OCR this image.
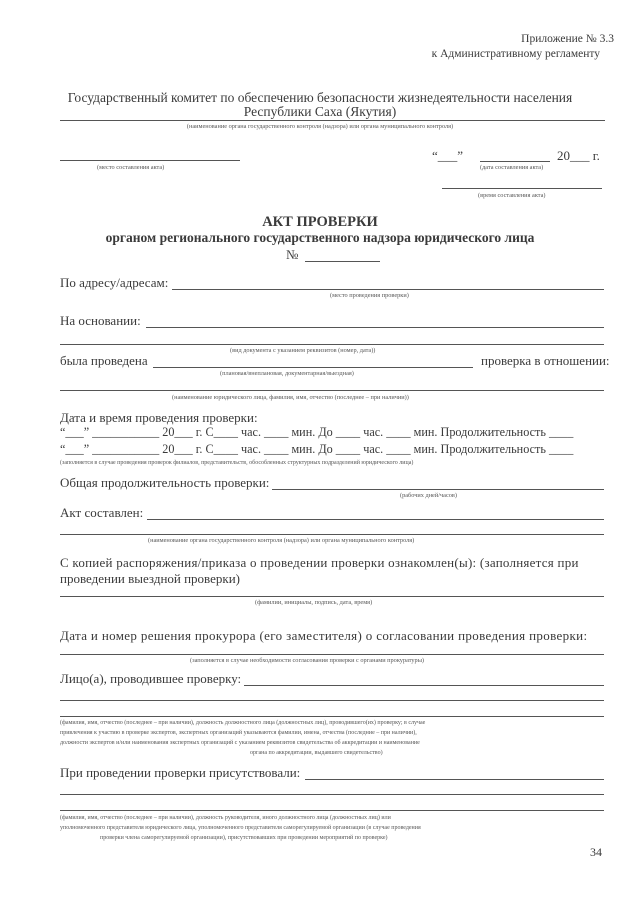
Приложение № 3.3
к Административному регламенту
Государственный комитет по обеспечению безопасности жизнедеятельности населения
Республики Саха (Якутия)
(наименование органа государственного контроля (надзора) или органа муниципального контроля)
(место составления акта)
“___”	20___ г.
(дата составления акта)
(время составления акта)
АКТ ПРОВЕРКИ
органом регионального государственного надзора юридического лица
№
По адресу/адресам:
(место проведения проверки)
На основании:
(вид документа с указанием реквизитов (номер, дата))
была проведена	проверка в отношении:
(плановая/внеплановая, документарная/выездная)
(наименование юридического лица, фамилия, имя, отчество (последнее – при наличии))
Дата и время проведения проверки:
“___” ___________ 20___ г. С____ час. ____ мин. До ____ час. ____ мин. Продолжительность ____
“___” ___________ 20___ г. С____ час. ____ мин. До ____ час. ____ мин. Продолжительность ____
(заполняется в случае проведения проверок филиалов, представительств, обособленных структурных подразделений юридического лица)
Общая продолжительность проверки:
(рабочих дней/часов)
Акт составлен:
(наименование органа государственного контроля (надзора) или органа муниципального контроля)
С копией распоряжения/приказа о проведении проверки ознакомлен(ы): (заполняется при
проведении выездной проверки)
(фамилии, инициалы, подпись, дата, время)
Дата и номер решения прокурора (его заместителя) о согласовании проведения проверки:
(заполняется в случае необходимости согласования проверки с органами прокуратуры)
Лицо(а), проводившее проверку:
(фамилия, имя, отчество (последнее – при наличии), должность должностного лица (должностных лиц), проводившего(их) проверку; в случае
привлечения к участию в проверке экспертов, экспертных организаций указываются фамилии, имена, отчества (последние – при наличии),
должности экспертов и/или наименования экспертных организаций с указанием реквизитов свидетельства об аккредитации и наименование
органа по аккредитации, выдавшего свидетельство)
При проведении проверки присутствовали:
(фамилия, имя, отчество (последнее – при наличии), должность руководителя, иного должностного лица (должностных лиц) или
уполномоченного представителя юридического лица, уполномоченного представителя саморегулируемой организации (в случае проведения
проверки члена саморегулируемой организации), присутствовавших при проведении мероприятий по проверке)
34
